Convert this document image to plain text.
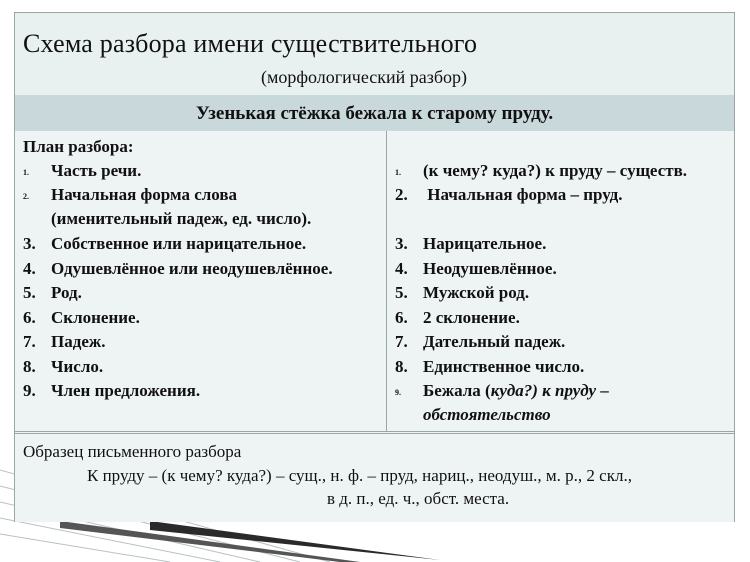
Схема разбора имени существительного
(морфологический разбор)
Узенькая стёжка бежала к старому пруду.
План разбора:
1. Часть речи.
2. Начальная форма слова
(именительный падеж, ед. число).
3. Собственное или нарицательное.
4. Одушевлённое или неодушевлённое.
5. Род.
6. Склонение.
7. Падеж.
8. Число.
9. Член предложения.
1. (к чему? куда?) к пруду – существ.
2. Начальная форма – пруд.
3. Нарицательное.
4. Неодушевлённое.
5. Мужской род.
6. 2 склонение.
7. Дательный падеж.
8. Единственное число.
9. Бежала (куда?) к пруду –
обстоятельство
Образец письменного разбора
К пруду – (к чему? куда?) – сущ., н. ф. – пруд, нариц., неодуш., м. р., 2 скл.,
в д. п., ед. ч., обст. места.
